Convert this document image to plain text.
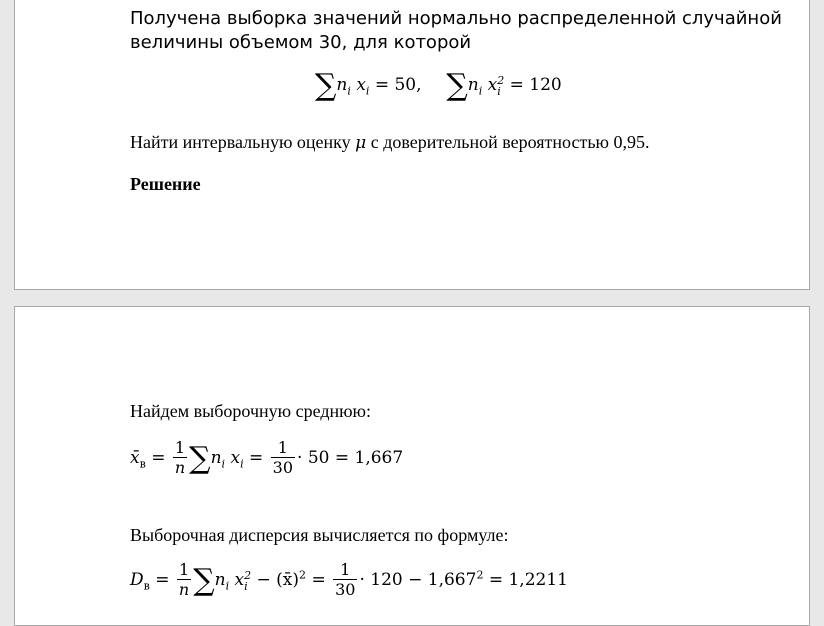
Получена выборка значений нормально распределенной случайной
величины объемом 30, для которой
$\sum n_i$ $x_i = 50$, $\sum n_i$ x 2
i = 120
Найти интервальную оценку μ с доверительной вероятностью 0,95.
Решение
Найдем выборочную среднюю:
$x̄_в = \frac{1}{n} \sum n_i$ $x_i = \frac{1}{30} \cdot 50 = 1,667$
Выборочная дисперсия вычисляется по формуле:
$D_в = \frac{1}{n} \sum n_i$ x 2
i − (x̄)$^2$ = $\frac{1}{30} \cdot 120 - 1,667^2 = 1,2211$
